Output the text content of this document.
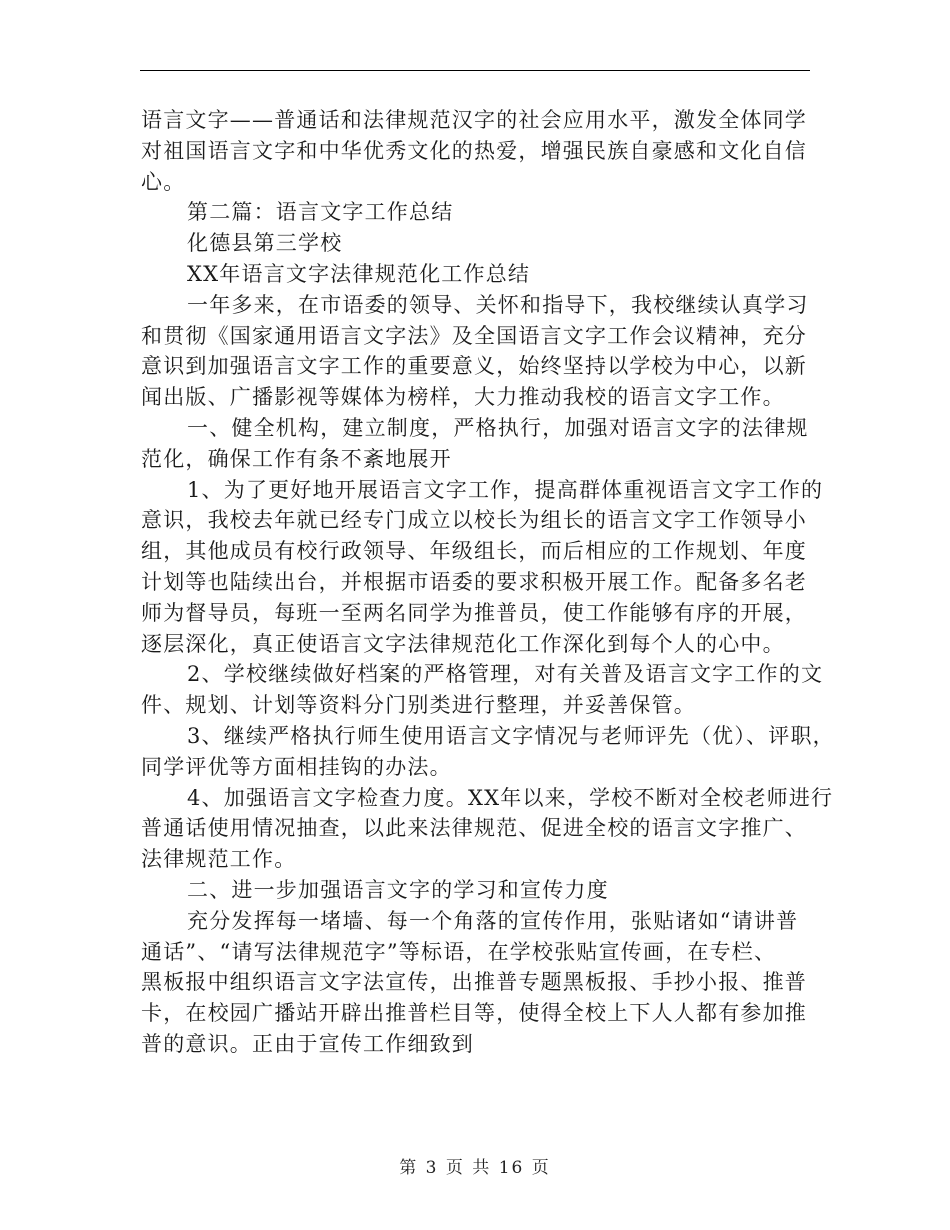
语言文字——普通话和法律规范汉字的社会应用水平，激发全体同学
对祖国语言文字和中华优秀文化的热爱，增强民族自豪感和文化自信
心。
第二篇：语言文字工作总结
化德县第三学校
XX年语言文字法律规范化工作总结
一年多来，在市语委的领导、关怀和指导下，我校继续认真学习
和贯彻《国家通用语言文字法》及全国语言文字工作会议精神，充分
意识到加强语言文字工作的重要意义，始终坚持以学校为中心，以新
闻出版、广播影视等媒体为榜样，大力推动我校的语言文字工作。
一、健全机构，建立制度，严格执行，加强对语言文字的法律规
范化，确保工作有条不紊地展开
1、为了更好地开展语言文字工作，提高群体重视语言文字工作的
意识，我校去年就已经专门成立以校长为组长的语言文字工作领导小
组，其他成员有校行政领导、年级组长，而后相应的工作规划、年度
计划等也陆续出台，并根据市语委的要求积极开展工作。配备多名老
师为督导员，每班一至两名同学为推普员，使工作能够有序的开展，
逐层深化，真正使语言文字法律规范化工作深化到每个人的心中。
2、学校继续做好档案的严格管理，对有关普及语言文字工作的文
件、规划、计划等资料分门别类进行整理，并妥善保管。
3、继续严格执行师生使用语言文字情况与老师评先（优）、评职，
同学评优等方面相挂钩的办法。
4、加强语言文字检查力度。XX年以来，学校不断对全校老师进行
普通话使用情况抽查，以此来法律规范、促进全校的语言文字推广、
法律规范工作。
二、进一步加强语言文字的学习和宣传力度
充分发挥每一堵墙、每一个角落的宣传作用，张贴诸如“请讲普
通话”、“请写法律规范字”等标语，在学校张贴宣传画，在专栏、
黑板报中组织语言文字法宣传，出推普专题黑板报、手抄小报、推普
卡，在校园广播站开辟出推普栏目等，使得全校上下人人都有参加推
普的意识。正由于宣传工作细致到
第 3 页 共 16 页
